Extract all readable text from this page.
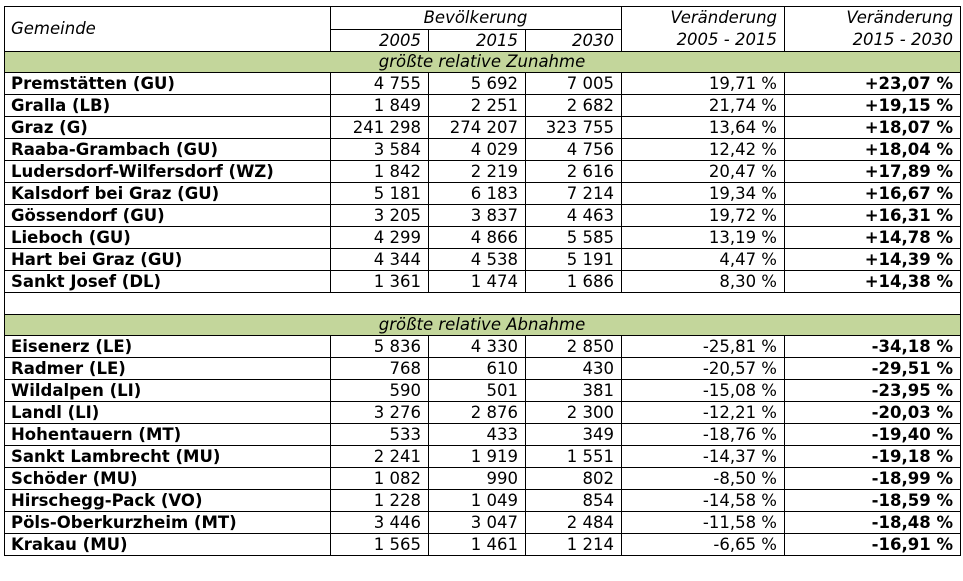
Gemeinde	Bevölkerung			Veränderung	Veränderung
	2005	2015	2030	2005 - 2015	2015 - 2030
größte relative Zunahme					
Premstätten (GU)	4 755	5 692	7 005	19,71 %	+23,07 %
Gralla (LB)	1 849	2 251	2 682	21,74 %	+19,15 %
Graz (G)	241 298	274 207	323 755	13,64 %	+18,07 %
Raaba-Grambach (GU)	3 584	4 029	4 756	12,42 %	+18,04 %
Ludersdorf-Wilfersdorf (WZ)	1 842	2 219	2 616	20,47 %	+17,89 %
Kalsdorf bei Graz (GU)	5 181	6 183	7 214	19,34 %	+16,67 %
Gössendorf (GU)	3 205	3 837	4 463	19,72 %	+16,31 %
Lieboch (GU)	4 299	4 866	5 585	13,19 %	+14,78 %
Hart bei Graz (GU)	4 344	4 538	5 191	4,47 %	+14,39 %
Sankt Josef (DL)	1 361	1 474	1 686	8,30 %	+14,38 %

größte relative Abnahme					
Eisenerz (LE)	5 836	4 330	2 850	-25,81 %	-34,18 %
Radmer (LE)	768	610	430	-20,57 %	-29,51 %
Wildalpen (LI)	590	501	381	-15,08 %	-23,95 %
Landl (LI)	3 276	2 876	2 300	-12,21 %	-20,03 %
Hohentauern (MT)	533	433	349	-18,76 %	-19,40 %
Sankt Lambrecht (MU)	2 241	1 919	1 551	-14,37 %	-19,18 %
Schöder (MU)	1 082	990	802	-8,50 %	-18,99 %
Hirschegg-Pack (VO)	1 228	1 049	854	-14,58 %	-18,59 %
Pöls-Oberkurzheim (MT)	3 446	3 047	2 484	-11,58 %	-18,48 %
Krakau (MU)	1 565	1 461	1 214	-6,65 %	-16,91 %
